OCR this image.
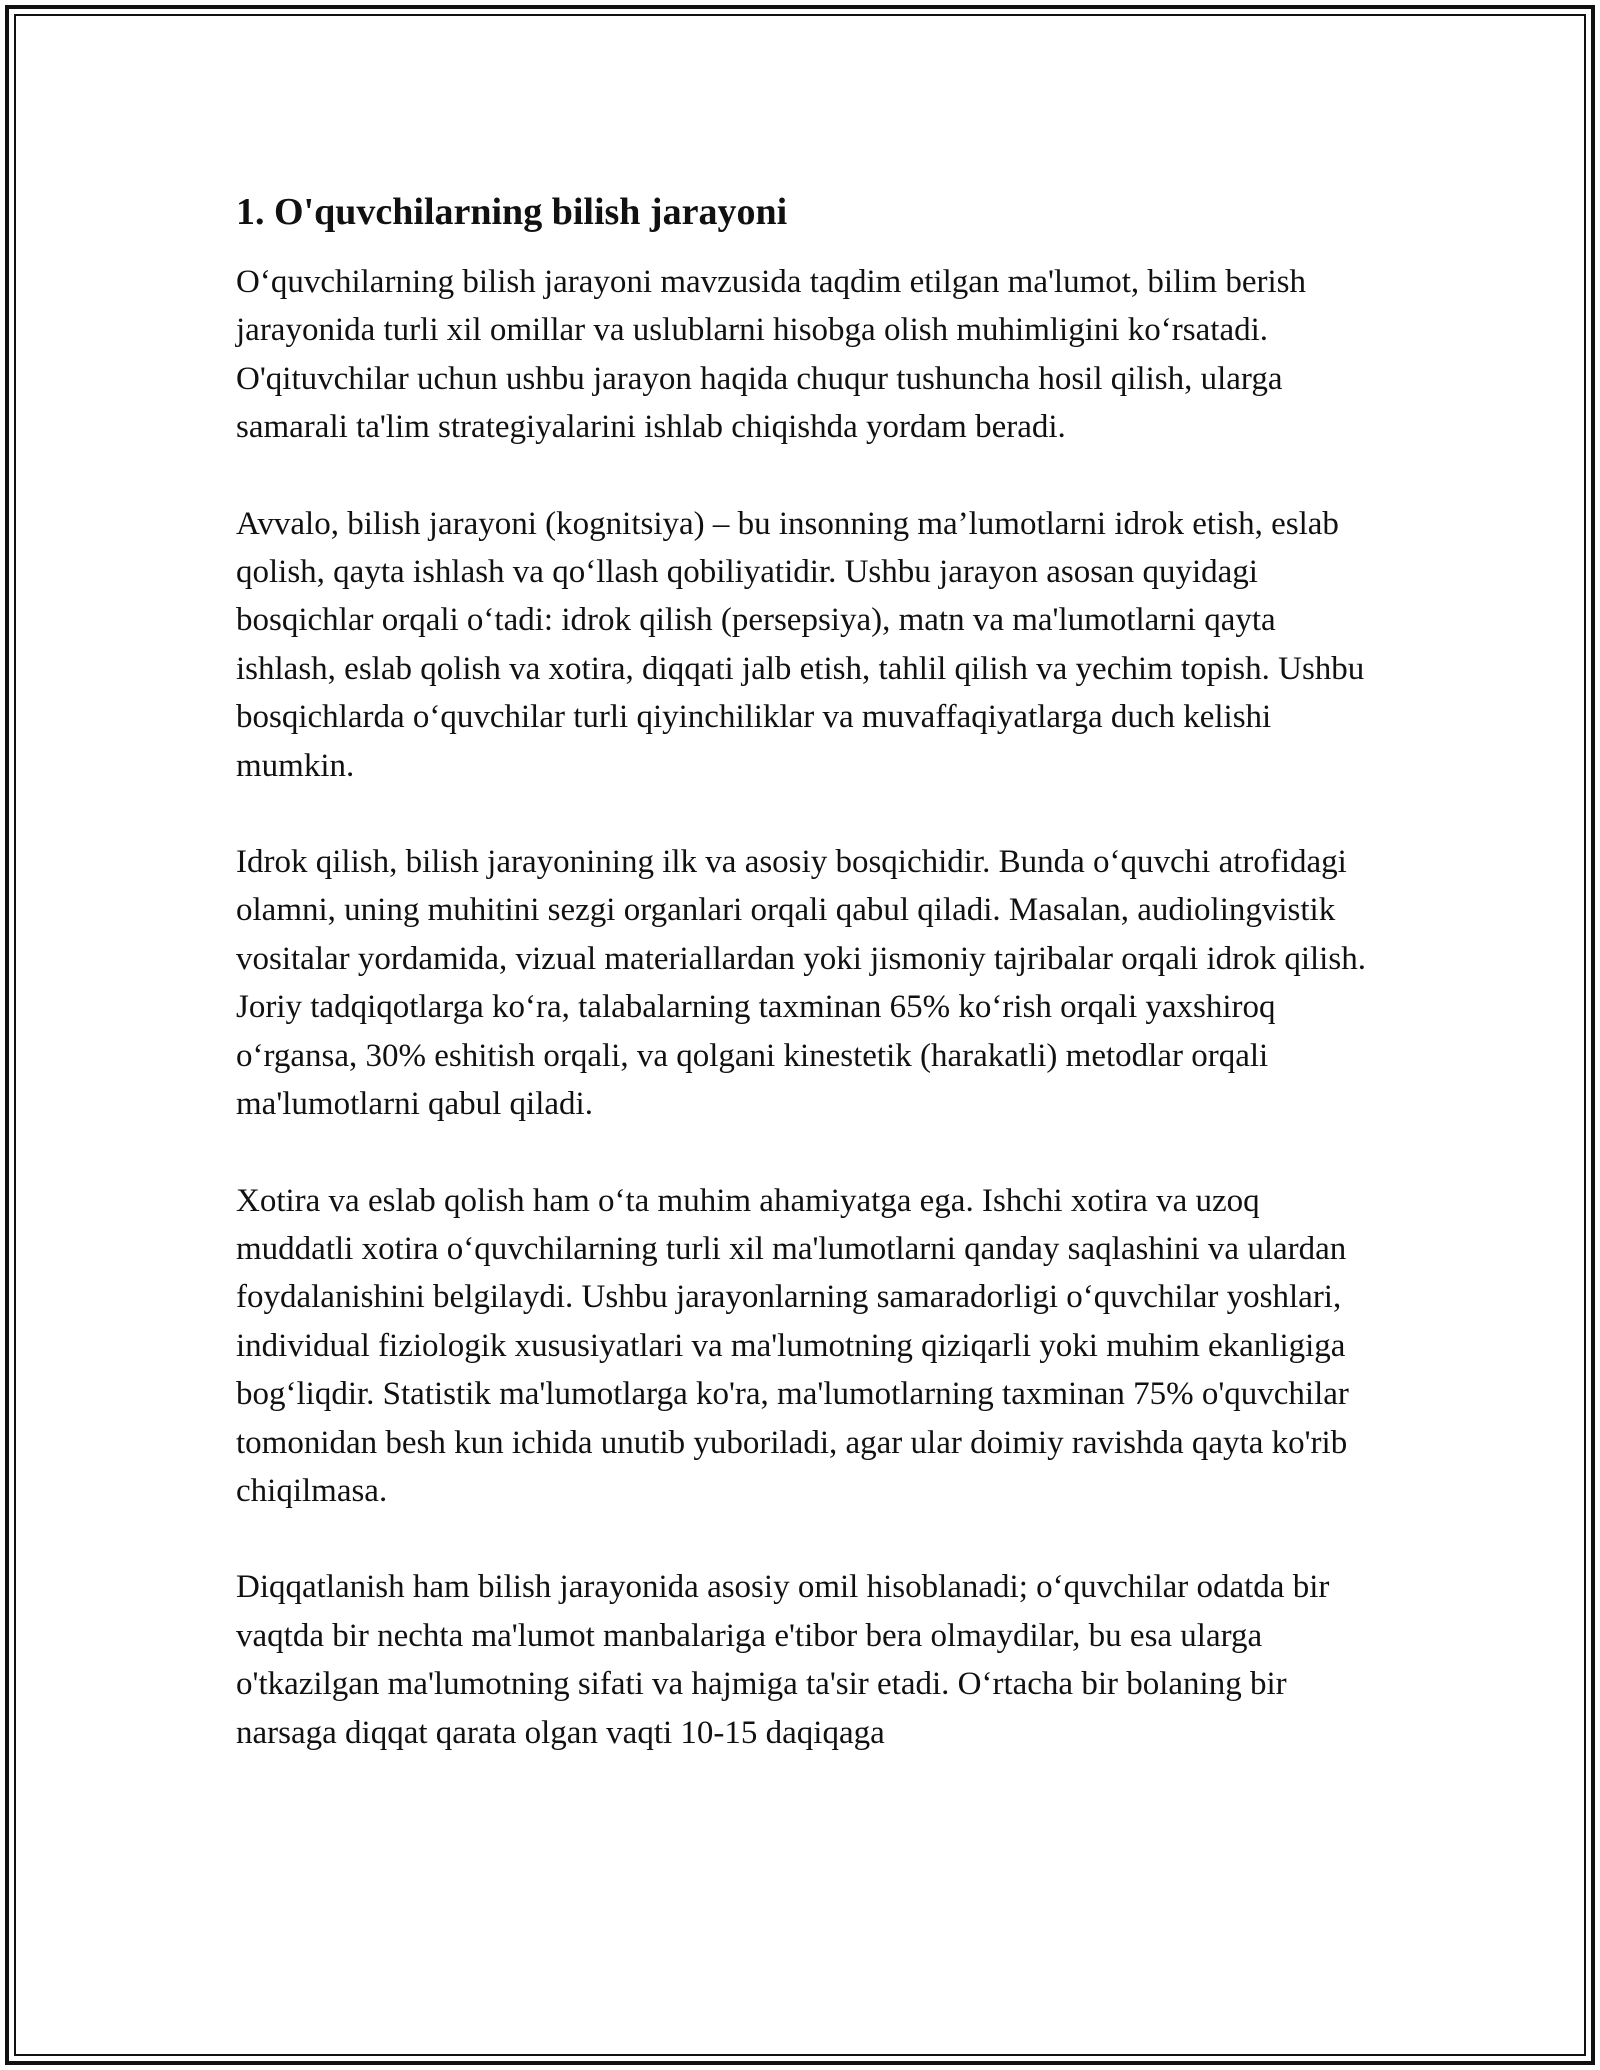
1. O'quvchilarning bilish jarayoni

O‘quvchilarning bilish jarayoni mavzusida taqdim etilgan ma'lumot, bilim berish jarayonida turli xil omillar va uslublarni hisobga olish muhimligini ko‘rsatadi. O'qituvchilar uchun ushbu jarayon haqida chuqur tushuncha hosil qilish, ularga samarali ta'lim strategiyalarini ishlab chiqishda yordam beradi.

Avvalo, bilish jarayoni (kognitsiya) – bu insonning ma’lumotlarni idrok etish, eslab qolish, qayta ishlash va qo‘llash qobiliyatidir. Ushbu jarayon asosan quyidagi bosqichlar orqali o‘tadi: idrok qilish (persepsiya), matn va ma'lumotlarni qayta ishlash, eslab qolish va xotira, diqqati jalb etish, tahlil qilish va yechim topish. Ushbu bosqichlarda o‘quvchilar turli qiyinchiliklar va muvaffaqiyatlarga duch kelishi mumkin.

Idrok qilish, bilish jarayonining ilk va asosiy bosqichidir. Bunda o‘quvchi atrofidagi olamni, uning muhitini sezgi organlari orqali qabul qiladi. Masalan, audiolingvistik vositalar yordamida, vizual materiallardan yoki jismoniy tajribalar orqali idrok qilish. Joriy tadqiqotlarga ko‘ra, talabalarning taxminan 65% ko‘rish orqali yaxshiroq o‘rgansa, 30% eshitish orqali, va qolgani kinestetik (harakatli) metodlar orqali ma'lumotlarni qabul qiladi.

Xotira va eslab qolish ham o‘ta muhim ahamiyatga ega. Ishchi xotira va uzoq muddatli xotira o‘quvchilarning turli xil ma'lumotlarni qanday saqlashini va ulardan foydalanishini belgilaydi. Ushbu jarayonlarning samaradorligi o‘quvchilar yoshlari, individual fiziologik xususiyatlari va ma'lumotning qiziqarli yoki muhim ekanligiga bog‘liqdir. Statistik ma'lumotlarga ko'ra, ma'lumotlarning taxminan 75% o'quvchilar tomonidan besh kun ichida unutib yuboriladi, agar ular doimiy ravishda qayta ko'rib chiqilmasa.

Diqqatlanish ham bilish jarayonida asosiy omil hisoblanadi; o‘quvchilar odatda bir vaqtda bir nechta ma'lumot manbalariga e'tibor bera olmaydilar, bu esa ularga o'tkazilgan ma'lumotning sifati va hajmiga ta'sir etadi. O‘rtacha bir bolaning bir narsaga diqqat qarata olgan vaqti 10-15 daqiqaga
